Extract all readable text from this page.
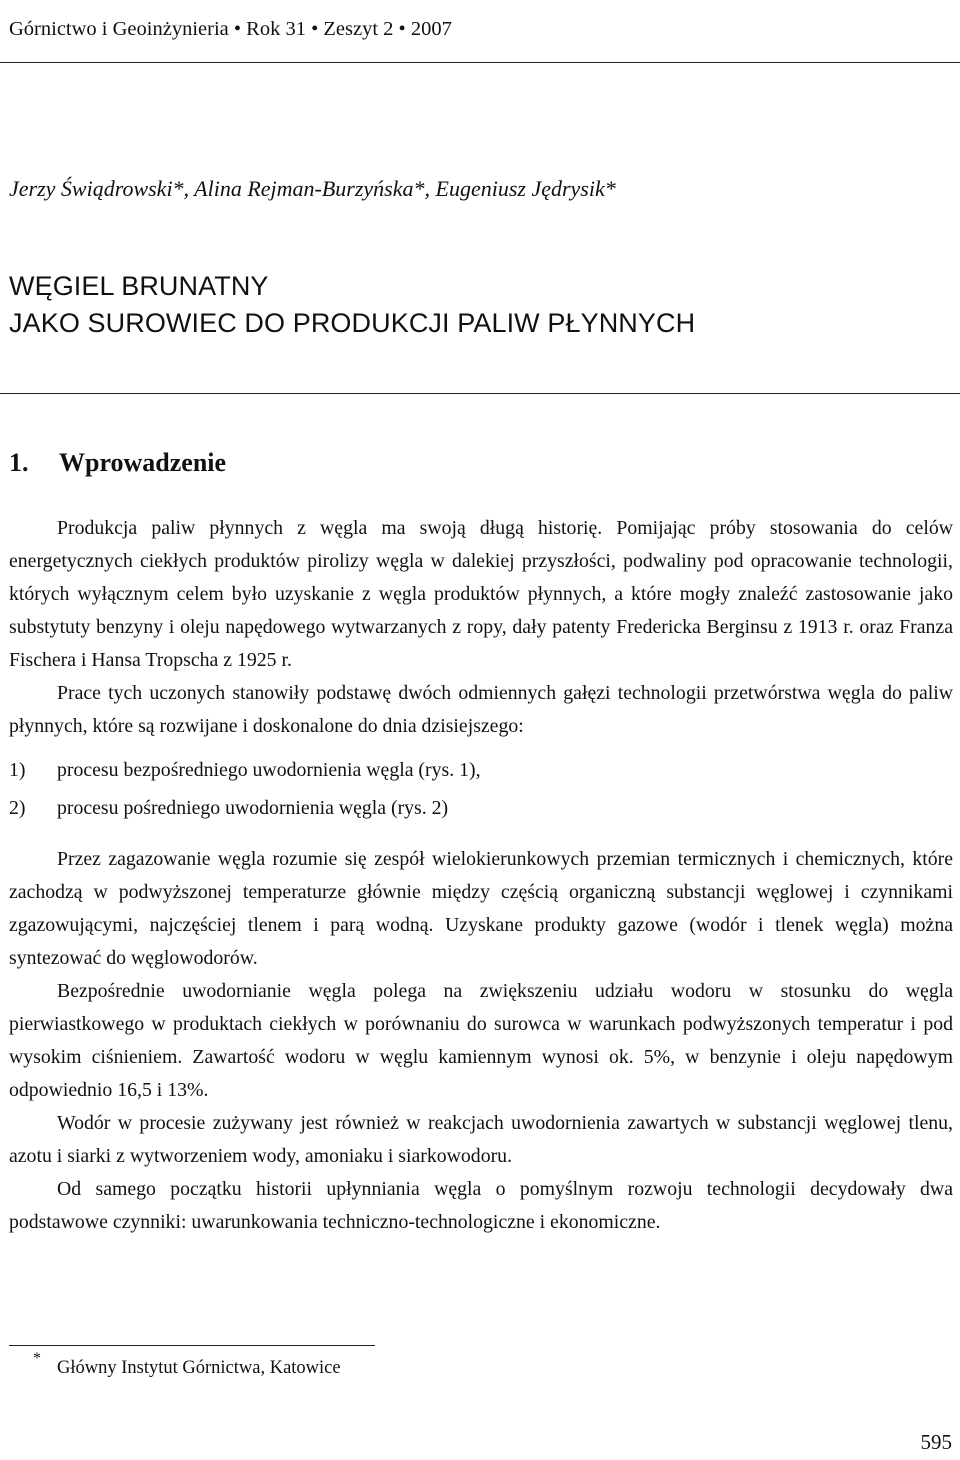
Górnictwo i Geoinżynieria • Rok 31 • Zeszyt 2 • 2007
Jerzy Świądrowski*, Alina Rejman-Burzyńska*, Eugeniusz Jędrysik*
WĘGIEL BRUNATNY
JAKO SUROWIEC DO PRODUKCJI PALIW PŁYNNYCH
1. Wprowadzenie

Produkcja paliw płynnych z węgla ma swoją długą historię. Pomijając próby stosowania do celów energetycznych ciekłych produktów pirolizy węgla w dalekiej przyszłości, podwaliny pod opracowanie technologii, których wyłącznym celem było uzyskanie z węgla produktów płynnych, a które mogły znaleźć zastosowanie jako substytuty benzyny i oleju napędowego wytwarzanych z ropy, dały patenty Fredericka Berginsu z 1913 r. oraz Franza Fischera i Hansa Tropscha z 1925 r.

Prace tych uczonych stanowiły podstawę dwóch odmiennych gałęzi technologii przetwórstwa węgla do paliw płynnych, które są rozwijane i doskonalone do dnia dzisiejszego:

1)	procesu bezpośredniego uwodornienia węgla (rys. 1),
2)	procesu pośredniego uwodornienia węgla (rys. 2)

Przez zagazowanie węgla rozumie się zespół wielokierunkowych przemian termicznych i chemicznych, które zachodzą w podwyższonej temperaturze głównie między częścią organiczną substancji węglowej i czynnikami zgazowującymi, najczęściej tlenem i parą wodną. Uzyskane produkty gazowe (wodór i tlenek węgla) można syntezować do węglowodorów.

Bezpośrednie uwodornianie węgla polega na zwiększeniu udziału wodoru w stosunku do węgla pierwiastkowego w produktach ciekłych w porównaniu do surowca w warunkach podwyższonych temperatur i pod wysokim ciśnieniem. Zawartość wodoru w węglu kamiennym wynosi ok. 5%, w benzynie i oleju napędowym odpowiednio 16,5 i 13%.

Wodór w procesie zużywany jest również w reakcjach uwodornienia zawartych w substancji węglowej tlenu, azotu i siarki z wytworzeniem wody, amoniaku i siarkowodoru.

Od samego początku historii upłynniania węgla o pomyślnym rozwoju technologii decydowały dwa podstawowe czynniki: uwarunkowania techniczno-technologiczne i ekonomiczne.

* Główny Instytut Górnictwa, Katowice
595
